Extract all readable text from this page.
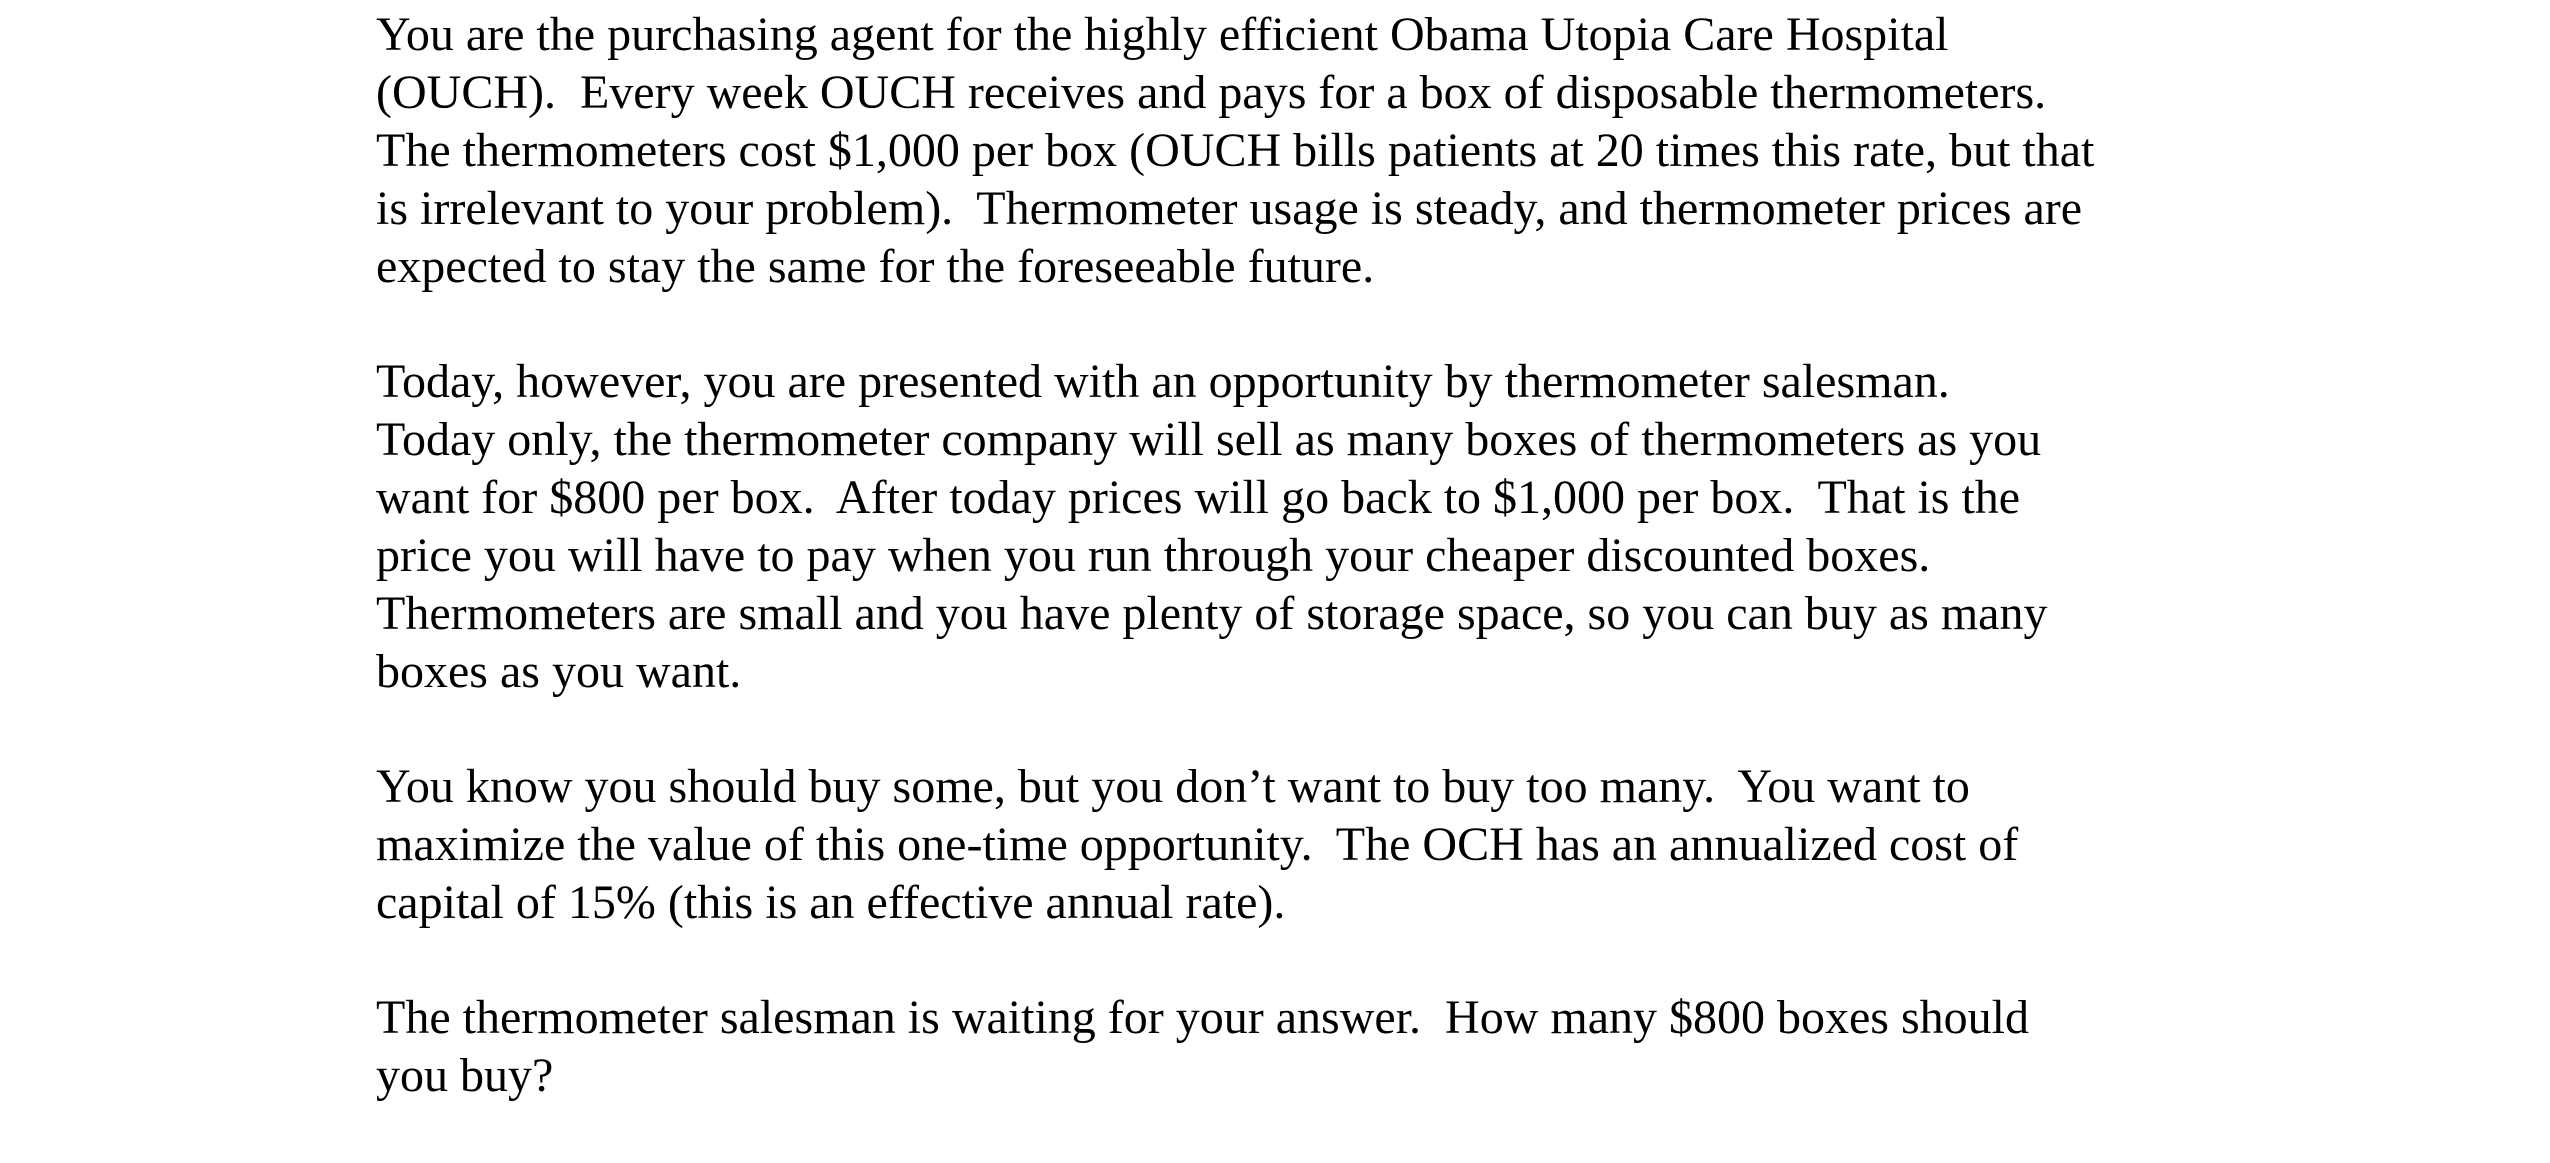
You are the purchasing agent for the highly efficient Obama Utopia Care Hospital
(OUCH).  Every week OUCH receives and pays for a box of disposable thermometers.
The thermometers cost $1,000 per box (OUCH bills patients at 20 times this rate, but that
is irrelevant to your problem).  Thermometer usage is steady, and thermometer prices are
expected to stay the same for the foreseeable future.
Today, however, you are presented with an opportunity by thermometer salesman.
Today only, the thermometer company will sell as many boxes of thermometers as you
want for $800 per box.  After today prices will go back to $1,000 per box.  That is the
price you will have to pay when you run through your cheaper discounted boxes.
Thermometers are small and you have plenty of storage space, so you can buy as many
boxes as you want.
You know you should buy some, but you don’t want to buy too many.  You want to
maximize the value of this one-time opportunity.  The OCH has an annualized cost of
capital of 15% (this is an effective annual rate).
The thermometer salesman is waiting for your answer.  How many $800 boxes should
you buy?
